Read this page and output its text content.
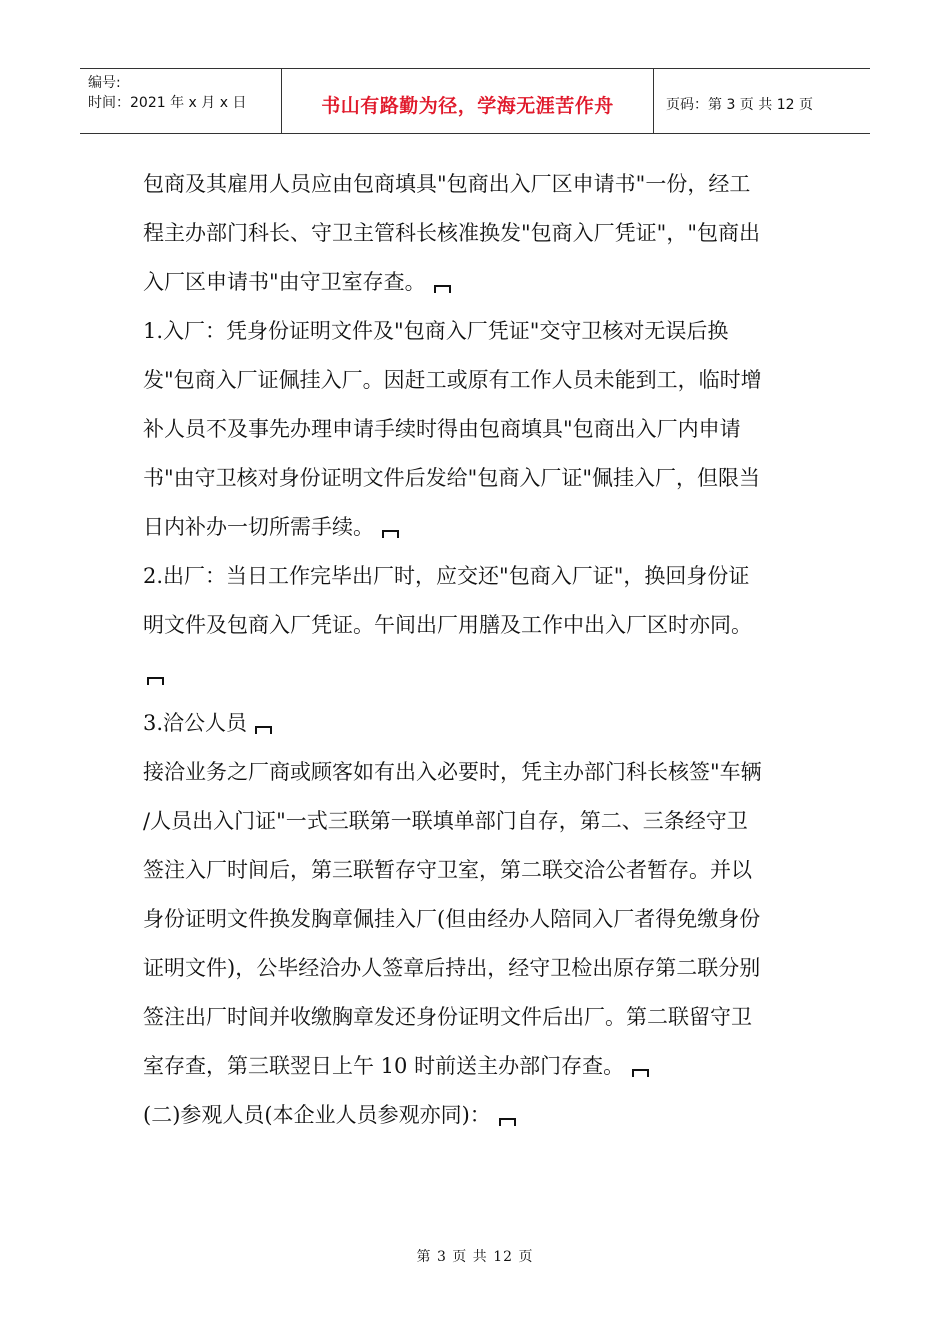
编号:
时间：2021 年 x 月 x 日	书山有路勤为径，学海无涯苦作舟	页码：第 3 页 共 12 页
包商及其雇用人员应由包商填具"包商出入厂区申请书"一份，经工
程主办部门科长、守卫主管科长核准换发"包商入厂凭证"，"包商出
入厂区申请书"由守卫室存查。
1.入厂：凭身份证明文件及"包商入厂凭证"交守卫核对无误后换
发"包商入厂证佩挂入厂。因赶工或原有工作人员未能到工，临时增
补人员不及事先办理申请手续时得由包商填具"包商出入厂内申请
书"由守卫核对身份证明文件后发给"包商入厂证"佩挂入厂，但限当
日内补办一切所需手续。
2.出厂：当日工作完毕出厂时，应交还"包商入厂证"，换回身份证
明文件及包商入厂凭证。午间出厂用膳及工作中出入厂区时亦同。
3.洽公人员
接洽业务之厂商或顾客如有出入必要时，凭主办部门科长核签"车辆
/人员出入门证"一式三联第一联填单部门自存，第二、三条经守卫
签注入厂时间后，第三联暂存守卫室，第二联交洽公者暂存。并以
身份证明文件换发胸章佩挂入厂(但由经办人陪同入厂者得免缴身份
证明文件)，公毕经洽办人签章后持出，经守卫检出原存第二联分别
签注出厂时间并收缴胸章发还身份证明文件后出厂。第二联留守卫
室存查，第三联翌日上午 10 时前送主办部门存查。
(二)参观人员(本企业人员参观亦同)：
第 3 页 共 12 页
